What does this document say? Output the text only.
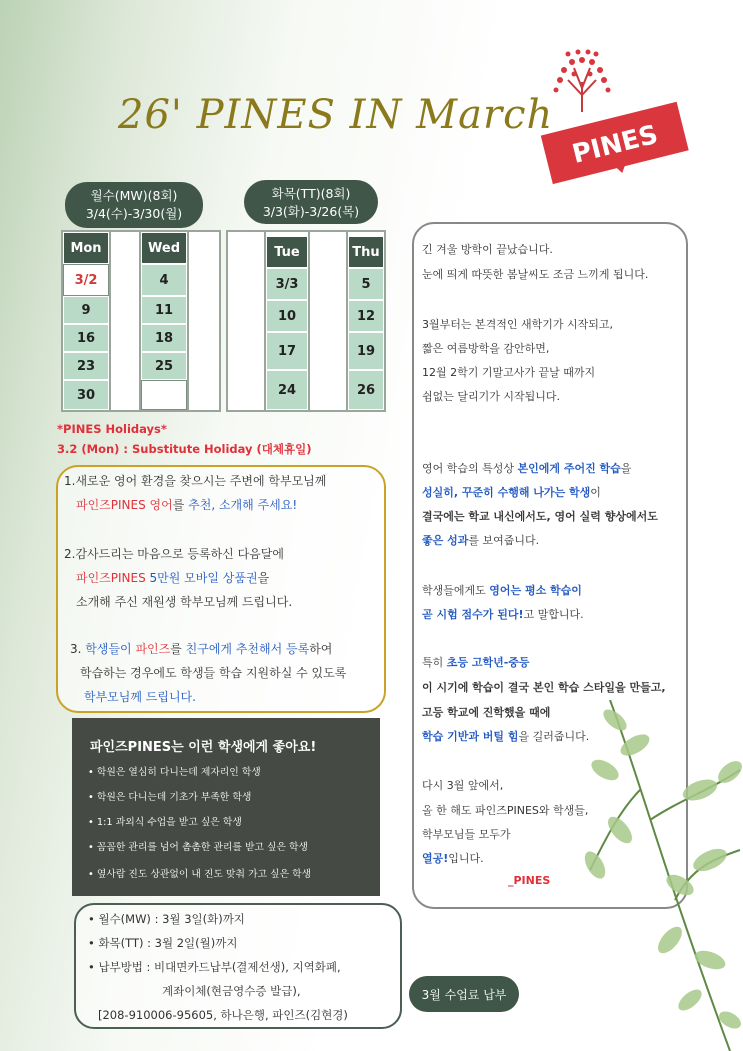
26' PINES IN March
PINES
월수(MW)(8회)
3/4(수)-3/30(월)
화목(TT)(8회)
3/3(화)-3/26(목)
Mon
3/2
9
16
23
30
Wed
4
11
18
25
Tue
3/3
10
17
24
Thu
5
12
19
26
*PINES Holidays*
3.2 (Mon) : Substitute Holiday (대체휴일)
1.새로운 영어 환경을 찾으시는 주변에 학부모님께
파인즈PINES 영어를 추천, 소개해 주세요!
2.감사드리는 마음으로 등록하신 다음달에
파인즈PINES 5만원 모바일 상품권을
소개해 주신 재원생 학부모님께 드립니다.
3. 학생들이 파인즈를 친구에게 추천해서 등록하여
학습하는 경우에도 학생들 학습 지원하실 수 있도록
학부모님께 드립니다.
파인즈PINES는 이런 학생에게 좋아요!
• 학원은 열심히 다니는데 제자리인 학생
• 학원은 다니는데 기초가 부족한 학생
• 1:1 과외식 수업을 받고 싶은 학생
• 꼼꼼한 관리를 넘어 촘촘한 관리를 받고 싶은 학생
• 옆사람 진도 상관없이 내 진도 맞춰 가고 싶은 학생
• 월수(MW) : 3월 3일(화)까지
• 화목(TT) : 3월 2일(월)까지
• 납부방법 : 비대면카드납부(결제선생), 지역화폐,
계좌이체(현금영수증 발급),
[208-910006-95605, 하나은행, 파인즈(김현경)
긴 겨울 방학이 끝났습니다.
눈에 띄게 따뜻한 봄날씨도 조금 느끼게 됩니다.
3월부터는 본격적인 새학기가 시작되고,
짧은 여름방학을 감안하면,
12월 2학기 기말고사가 끝날 때까지
쉼없는 달리기가 시작됩니다.
영어 학습의 특성상 본인에게 주어진 학습을
성실히, 꾸준히 수행해 나가는 학생이
결국에는 학교 내신에서도, 영어 실력 향상에서도
좋은 성과를 보여줍니다.
학생들에게도 영어는 평소 학습이
곧 시험 점수가 된다!고 말합니다.
특히 초등 고학년-중등
이 시기에 학습이 결국 본인 학습 스타일을 만들고,
고등 학교에 진학했을 때에
학습 기반과 버틸 힘을 길러줍니다.
다시 3월 앞에서,
올 한 해도 파인즈PINES와 학생들,
학부모님들 모두가
열공!입니다.
_PINES
3월 수업료 납부
